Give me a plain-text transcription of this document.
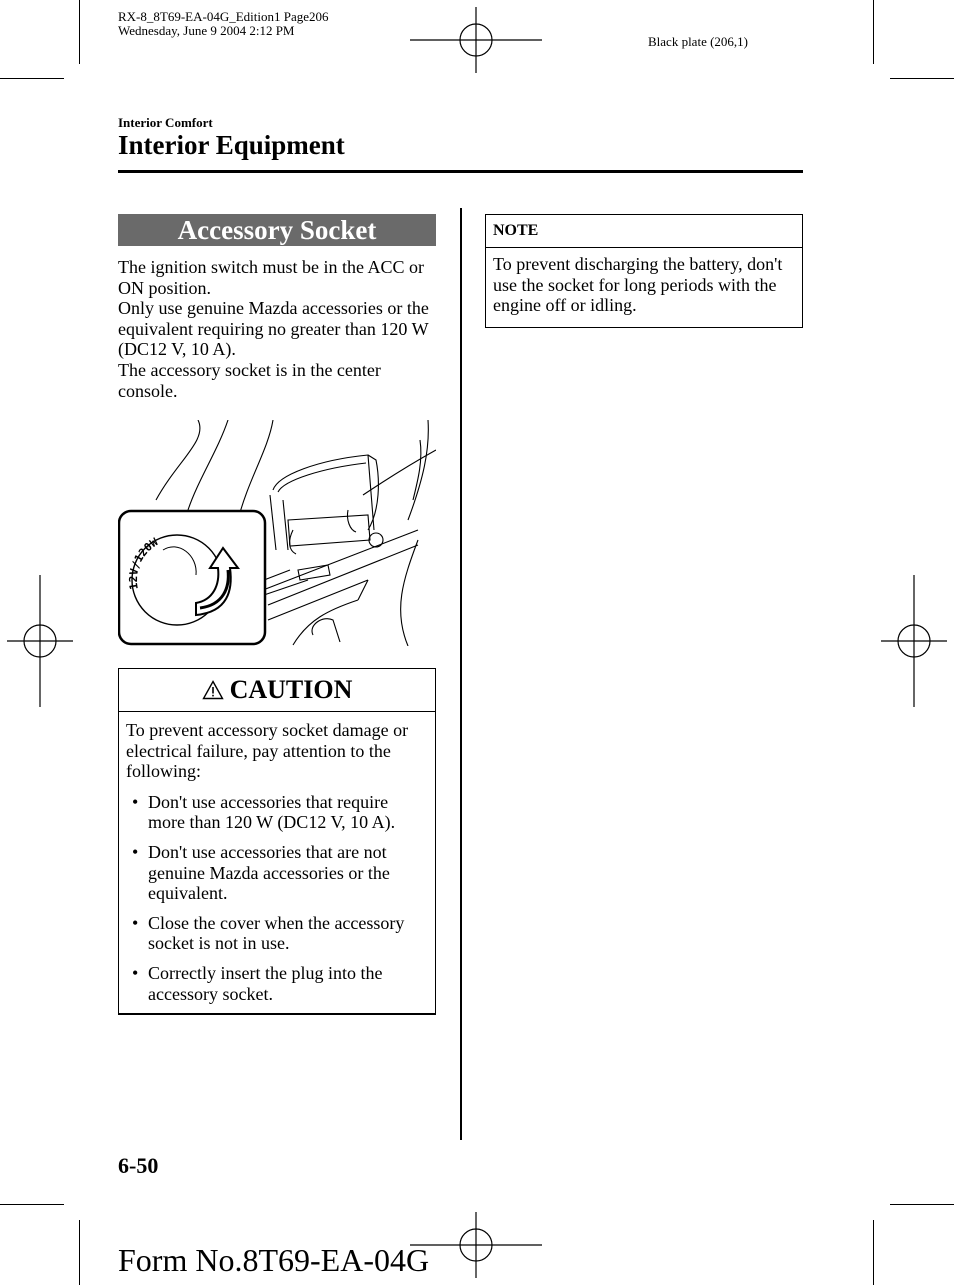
RX-8_8T69-EA-04G_Edition1 Page206
Wednesday, June 9 2004 2:12 PM
Black plate (206,1)
Interior Comfort
Interior Equipment
Accessory Socket
The ignition switch must be in the ACC or ON position.
Only use genuine Mazda accessories or the equivalent requiring no greater than 120 W (DC12 V, 10 A).
The accessory socket is in the center console.
12V/120W
CAUTION
To prevent accessory socket damage or electrical failure, pay attention to the following:
• Don't use accessories that require more than 120 W (DC12 V, 10 A).
• Don't use accessories that are not genuine Mazda accessories or the equivalent.
• Close the cover when the accessory socket is not in use.
• Correctly insert the plug into the accessory socket.
NOTE
To prevent discharging the battery, don't use the socket for long periods with the engine off or idling.
6-50
Form No.8T69-EA-04G
